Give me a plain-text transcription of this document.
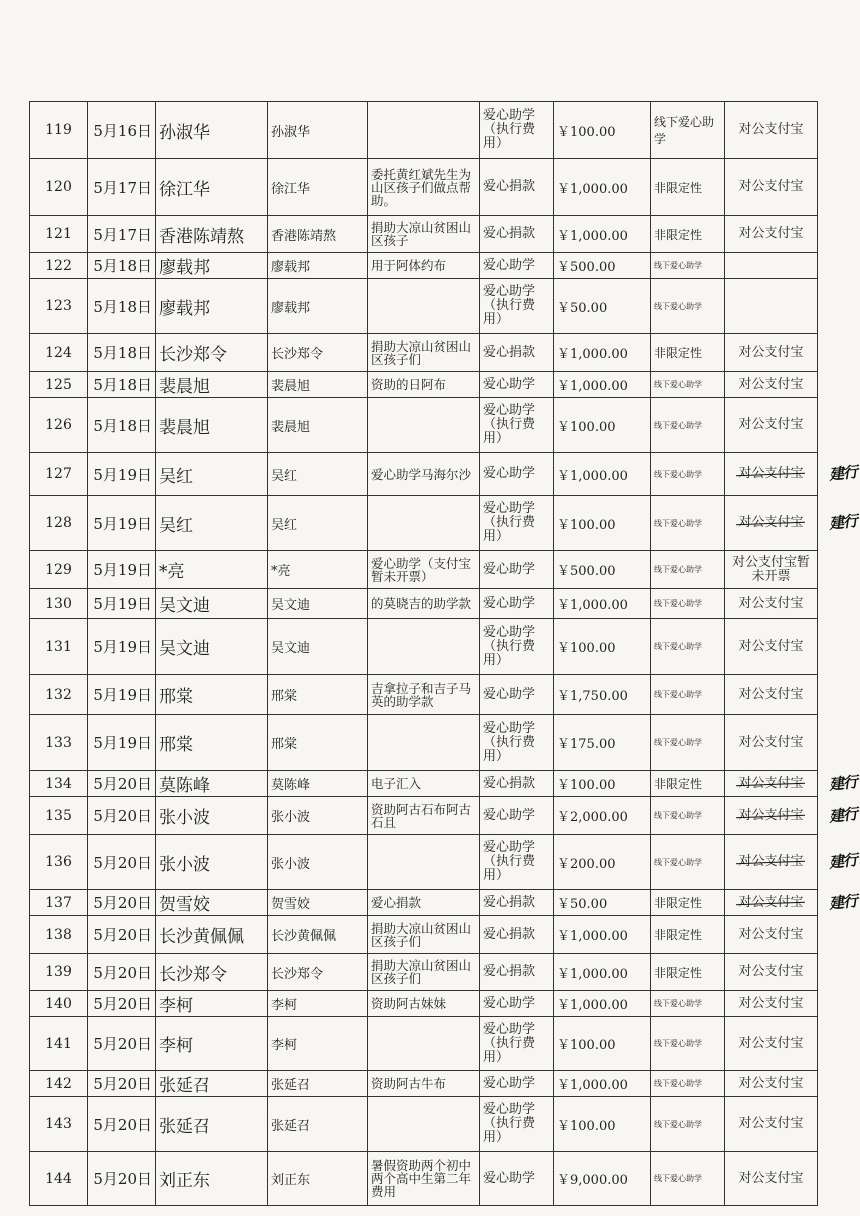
119	5月16日	孙淑华	孙淑华		爱心助学（执行费用）	￥100.00	线下爱心助学	对公支付宝
120	5月17日	徐江华	徐江华	委托黄红斌先生为山区孩子们做点帮助。	爱心捐款	￥1,000.00	非限定性	对公支付宝
121	5月17日	香港陈靖熬	香港陈靖熬	捐助大凉山贫困山区孩子	爱心捐款	￥1,000.00	非限定性	对公支付宝
122	5月18日	廖载邦	廖载邦	用于阿体约布	爱心助学	￥500.00	线下爱心助学	
123	5月18日	廖载邦	廖载邦		爱心助学（执行费用）	￥50.00	线下爱心助学	
124	5月18日	长沙郑令	长沙郑令	捐助大凉山贫困山区孩子们	爱心捐款	￥1,000.00	非限定性	对公支付宝
125	5月18日	裴晨旭	裴晨旭	资助的日阿布	爱心助学	￥1,000.00	线下爱心助学	对公支付宝
126	5月18日	裴晨旭	裴晨旭		爱心助学（执行费用）	￥100.00	线下爱心助学	对公支付宝
127	5月19日	吴红	吴红	爱心助学马海尔沙	爱心助学	￥1,000.00	线下爱心助学	对公支付宝 建行

128	5月19日	吴红	吴红		爱心助学（执行费用）	￥100.00	线下爱心助学	对公支付宝 建行

129	5月19日	*亮	*亮	爱心助学（支付宝暂未开票）	爱心助学	￥500.00	线下爱心助学	对公支付宝暂未开票
130	5月19日	吴文迪	吴文迪	的莫晓吉的助学款	爱心助学	￥1,000.00	线下爱心助学	对公支付宝
131	5月19日	吴文迪	吴文迪		爱心助学（执行费用）	￥100.00	线下爱心助学	对公支付宝
132	5月19日	邢棠	邢棠	吉拿拉子和吉子马英的助学款	爱心助学	￥1,750.00	线下爱心助学	对公支付宝
133	5月19日	邢棠	邢棠		爱心助学（执行费用）	￥175.00	线下爱心助学	对公支付宝
134	5月20日	莫陈峰	莫陈峰	电子汇入	爱心捐款	￥100.00	非限定性	对公支付宝 建行

135	5月20日	张小波	张小波	资助阿古石布阿古石且	爱心助学	￥2,000.00	线下爱心助学	对公支付宝 建行

136	5月20日	张小波	张小波		爱心助学（执行费用）	￥200.00	线下爱心助学	对公支付宝 建行

137	5月20日	贺雪姣	贺雪姣	爱心捐款	爱心捐款	￥50.00	非限定性	对公支付宝 建行

138	5月20日	长沙黄佩佩	长沙黄佩佩	捐助大凉山贫困山区孩子们	爱心捐款	￥1,000.00	非限定性	对公支付宝
139	5月20日	长沙郑令	长沙郑令	捐助大凉山贫困山区孩子们	爱心捐款	￥1,000.00	非限定性	对公支付宝
140	5月20日	李柯	李柯	资助阿古妹妹	爱心助学	￥1,000.00	线下爱心助学	对公支付宝
141	5月20日	李柯	李柯		爱心助学（执行费用）	￥100.00	线下爱心助学	对公支付宝
142	5月20日	张延召	张延召	资助阿古牛布	爱心助学	￥1,000.00	线下爱心助学	对公支付宝
143	5月20日	张延召	张延召		爱心助学（执行费用）	￥100.00	线下爱心助学	对公支付宝
144	5月20日	刘正东	刘正东	暑假资助两个初中两个高中生第二年费用	爱心助学	￥9,000.00	线下爱心助学	对公支付宝
